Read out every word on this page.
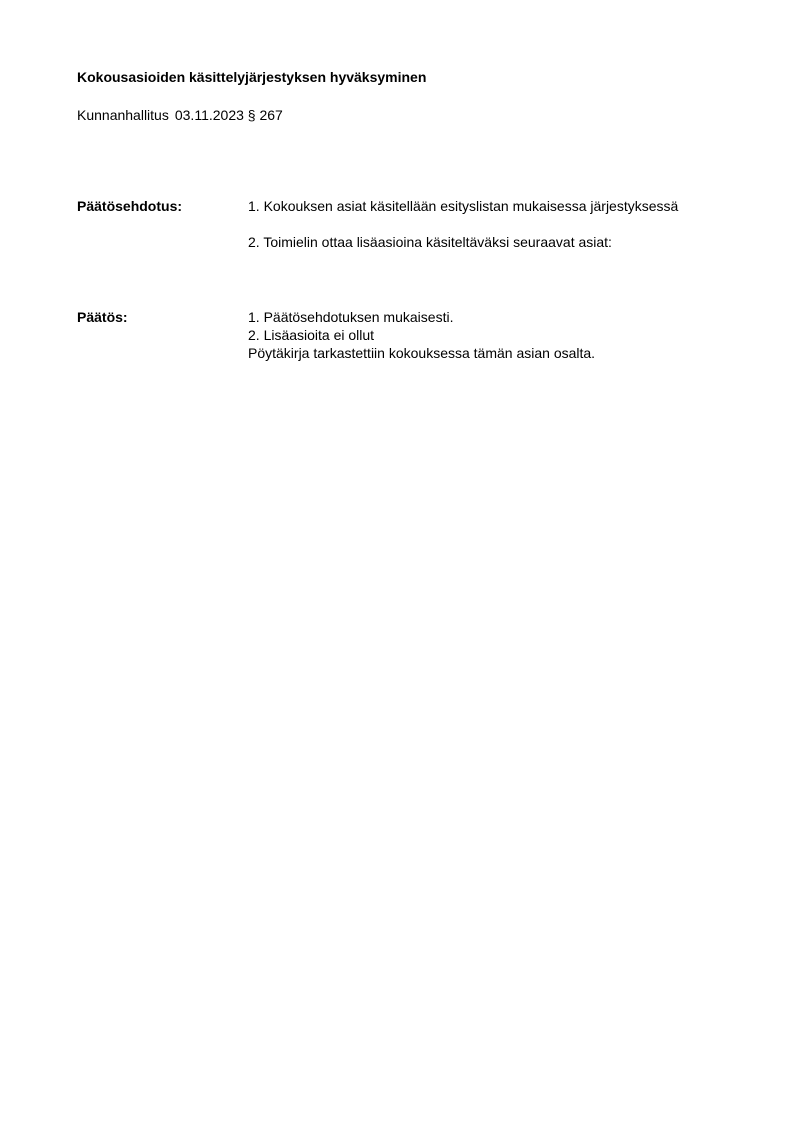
Kokousasioiden käsittelyjärjestyksen hyväksyminen
Kunnanhallitus 03.11.2023 § 267
Päätösehdotus:	1. Kokouksen asiat käsitellään esityslistan mukaisessa järjestyksessä

2. Toimielin ottaa lisäasioina käsiteltäväksi seuraavat asiat:

Päätös:	1. Päätösehdotuksen mukaisesti.

2. Lisäasioita ei ollut

Pöytäkirja tarkastettiin kokouksessa tämän asian osalta.
